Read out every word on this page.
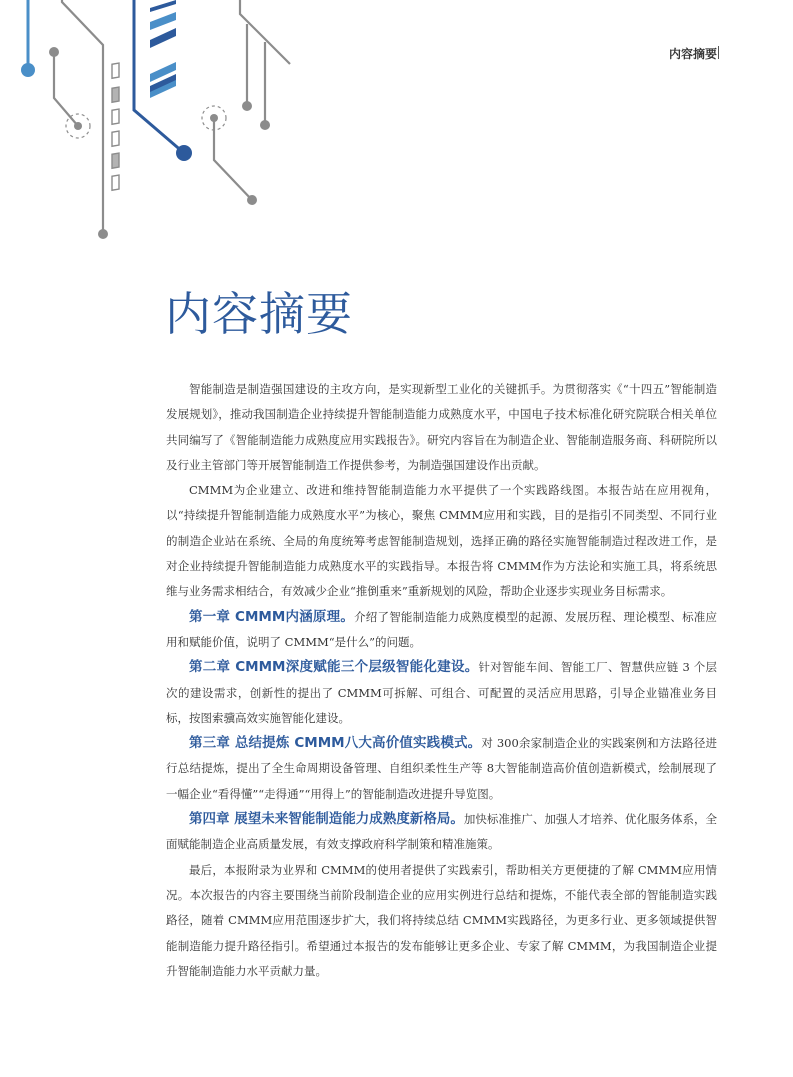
内容摘要
内容摘要

智能制造是制造强国建设的主攻方向，是实现新型工业化的关键抓手。为贯彻落实《“十四五”智能制造发展规划》，推动我国制造企业持续提升智能制造能力成熟度水平，中国电子技术标准化研究院联合相关单位共同编写了《智能制造能力成熟度应用实践报告》。研究内容旨在为制造企业、智能制造服务商、科研院所以及行业主管部门等开展智能制造工作提供参考，为制造强国建设作出贡献。

CMMM为企业建立、改进和维持智能制造能力水平提供了一个实践路线图。本报告站在应用视角，以“持续提升智能制造能力成熟度水平”为核心，聚焦 CMMM应用和实践，目的是指引不同类型、不同行业的制造企业站在系统、全局的角度统筹考虑智能制造规划，选择正确的路径实施智能制造过程改进工作，是对企业持续提升智能制造能力成熟度水平的实践指导。本报告将 CMMM作为方法论和实施工具，将系统思维与业务需求相结合，有效减少企业“推倒重来”重新规划的风险，帮助企业逐步实现业务目标需求。

第一章 CMMM内涵原理。介绍了智能制造能力成熟度模型的起源、发展历程、理论模型、标准应用和赋能价值，说明了 CMMM“是什么”的问题。

第二章 CMMM深度赋能三个层级智能化建设。针对智能车间、智能工厂、智慧供应链 3 个层次的建设需求，创新性的提出了 CMMM可拆解、可组合、可配置的灵活应用思路，引导企业锚准业务目标，按图索骥高效实施智能化建设。

第三章 总结提炼 CMMM八大高价值实践模式。对 300余家制造企业的实践案例和方法路径进行总结提炼，提出了全生命周期设备管理、自组织柔性生产等 8大智能制造高价值创造新模式，绘制展现了一幅企业“看得懂”“走得通”“用得上”的智能制造改进提升导览图。

第四章 展望未来智能制造能力成熟度新格局。加快标准推广、加强人才培养、优化服务体系，全面赋能制造企业高质量发展，有效支撑政府科学制策和精准施策。

最后，本报附录为业界和 CMMM的使用者提供了实践索引，帮助相关方更便捷的了解 CMMM应用情况。本次报告的内容主要围绕当前阶段制造企业的应用实例进行总结和提炼，不能代表全部的智能制造实践路径，随着 CMMM应用范围逐步扩大，我们将持续总结 CMMM实践路径，为更多行业、更多领域提供智能制造能力提升路径指引。希望通过本报告的发布能够让更多企业、专家了解 CMMM，为我国制造企业提升智能制造能力水平贡献力量。
